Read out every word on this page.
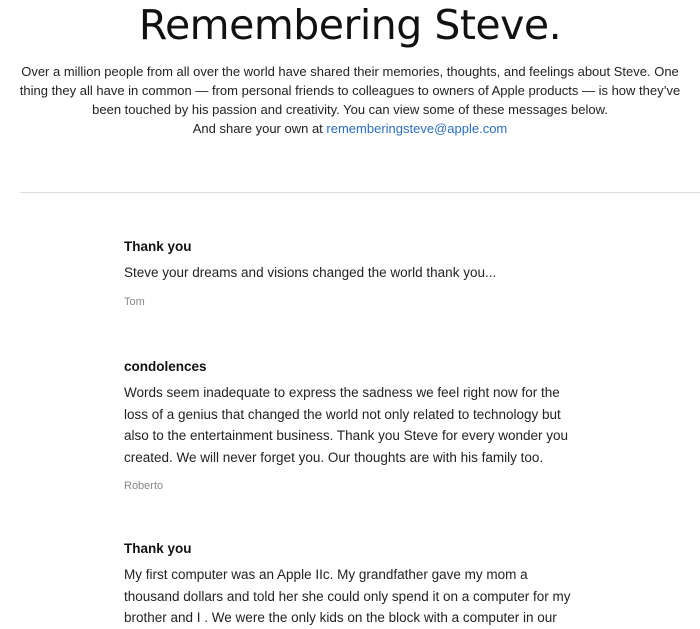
Remembering Steve.
Over a million people from all over the world have shared their memories, thoughts, and feelings about Steve. One
thing they all have in common — from personal friends to colleagues to owners of Apple products — is how they’ve
been touched by his passion and creativity. You can view some of these messages below.
And share your own at rememberingsteve@apple.com
Thank you
Steve your dreams and visions changed the world thank you...
Tom
condolences
Words seem inadequate to express the sadness we feel right now for the
loss of a genius that changed the world not only related to technology but
also to the entertainment business. Thank you Steve for every wonder you
created. We will never forget you. Our thoughts are with his family too.
Roberto
Thank you
My first computer was an Apple IIc. My grandfather gave my mom a
thousand dollars and told her she could only spend it on a computer for my
brother and I . We were the only kids on the block with a computer in our
